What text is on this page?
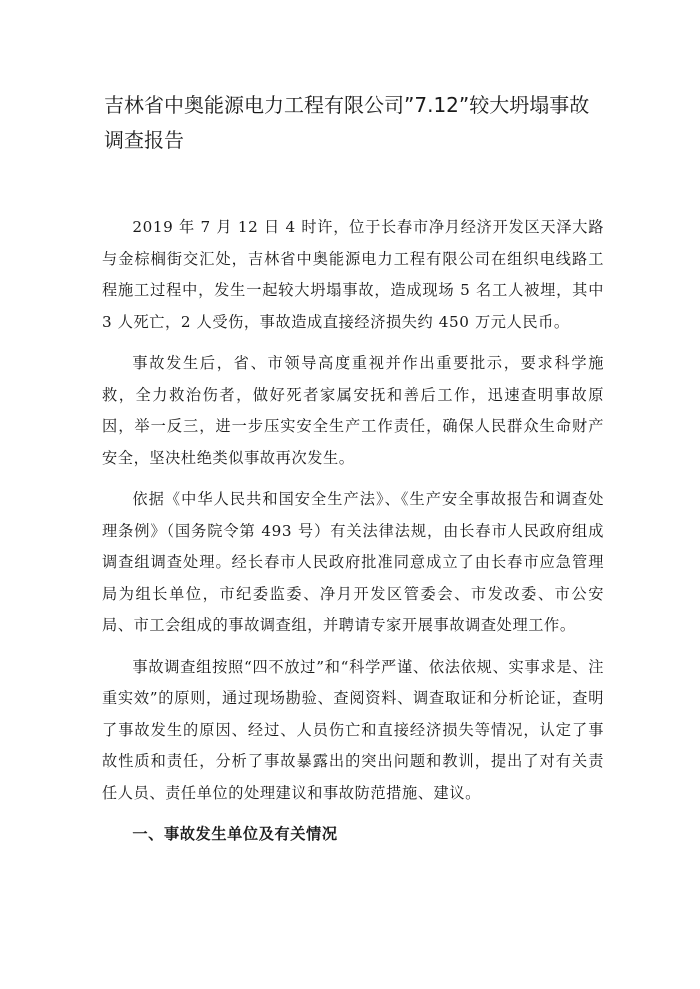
吉林省中奥能源电力工程有限公司”7.12”较大坍塌事故调查报告

2019 年 7 月 12 日 4 时许，位于长春市净月经济开发区天泽大路与金棕榈街交汇处，吉林省中奥能源电力工程有限公司在组织电线路工程施工过程中，发生一起较大坍塌事故，造成现场 5 名工人被埋，其中 3 人死亡，2 人受伤，事故造成直接经济损失约 450 万元人民币。

事故发生后，省、市领导高度重视并作出重要批示，要求科学施救，全力救治伤者，做好死者家属安抚和善后工作，迅速查明事故原因，举一反三，进一步压实安全生产工作责任，确保人民群众生命财产安全，坚决杜绝类似事故再次发生。

依据《中华人民共和国安全生产法》、《生产安全事故报告和调查处理条例》（国务院令第 493 号）有关法律法规，由长春市人民政府组成调查组调查处理。经长春市人民政府批准同意成立了由长春市应急管理局为组长单位，市纪委监委、净月开发区管委会、市发改委、市公安局、市工会组成的事故调查组，并聘请专家开展事故调查处理工作。

事故调查组按照“四不放过”和“科学严谨、依法依规、实事求是、注重实效”的原则，通过现场勘验、查阅资料、调查取证和分析论证，查明了事故发生的原因、经过、人员伤亡和直接经济损失等情况，认定了事故性质和责任，分析了事故暴露出的突出问题和教训，提出了对有关责任人员、责任单位的处理建议和事故防范措施、建议。

一、事故发生单位及有关情况
